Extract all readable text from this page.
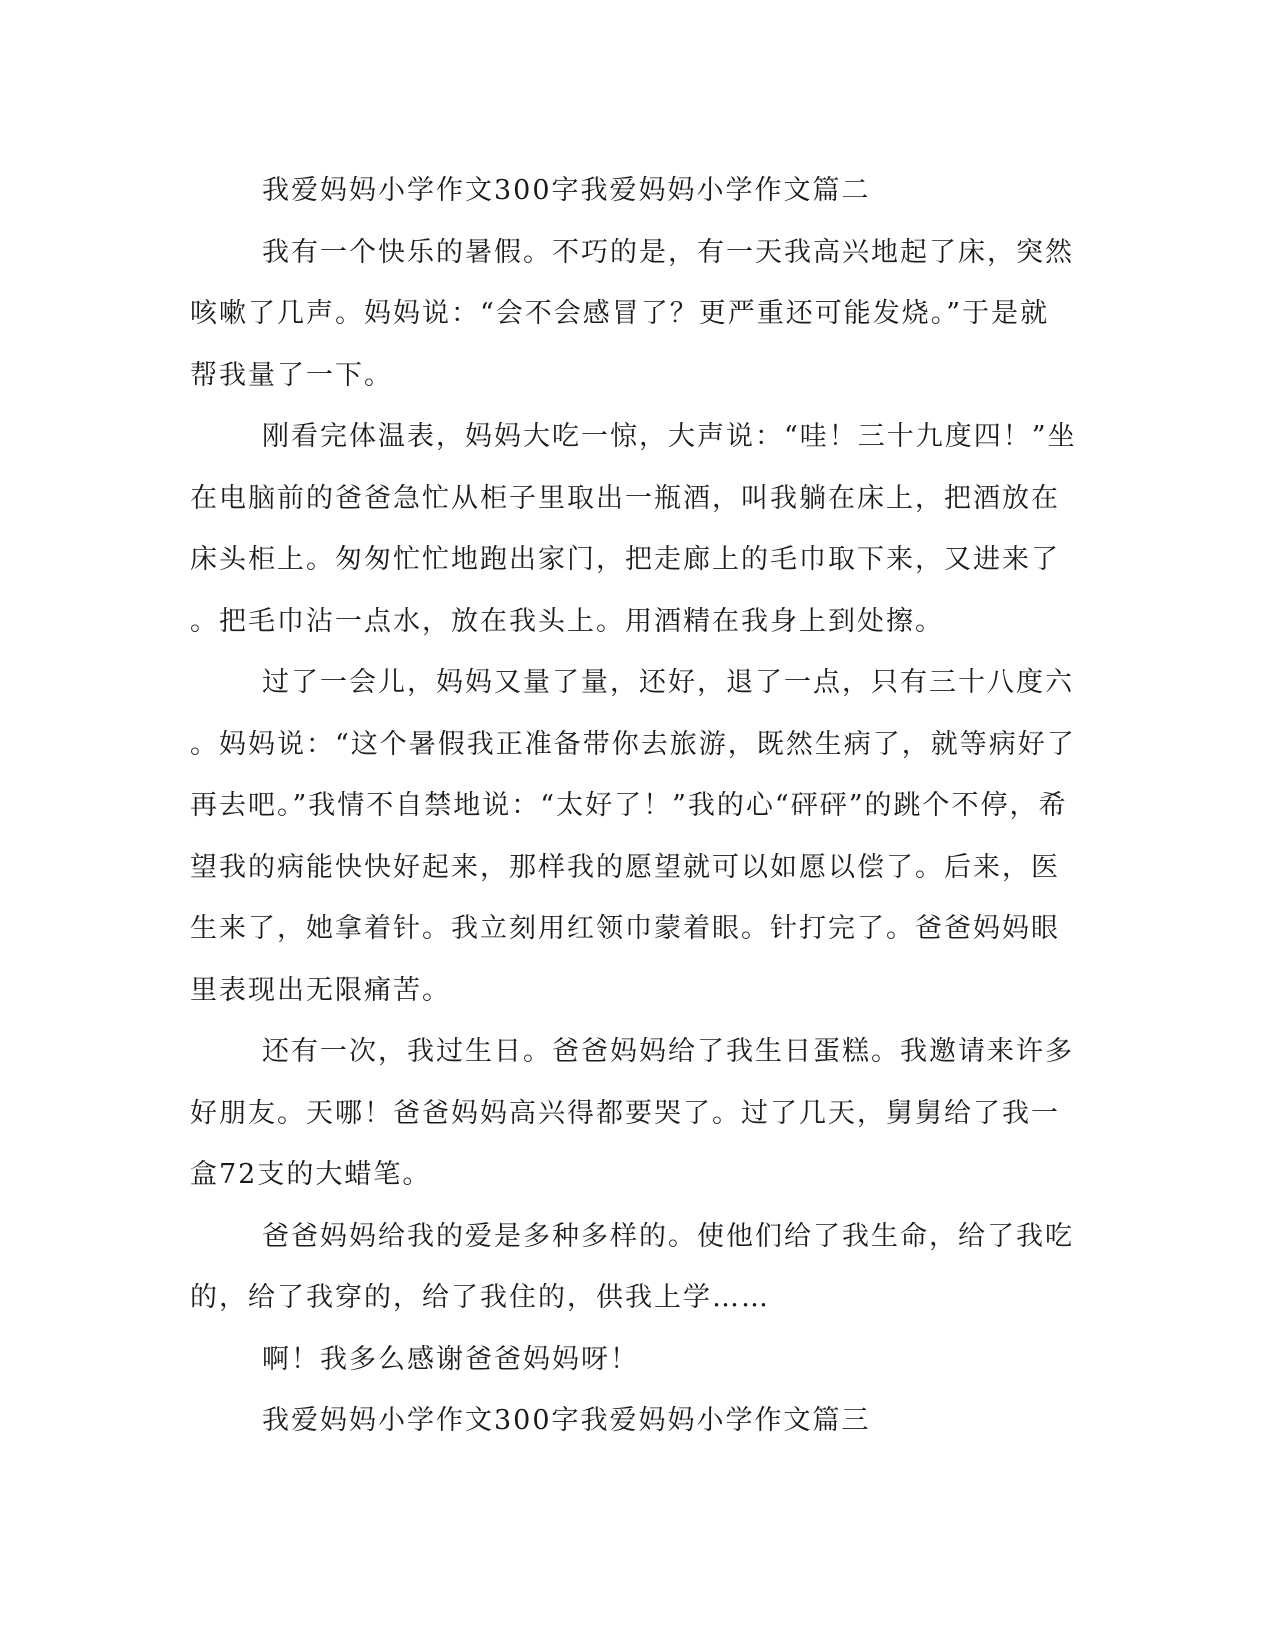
我爱妈妈小学作文300字我爱妈妈小学作文篇二
我有一个快乐的暑假。不巧的是，有一天我高兴地起了床，突然
咳嗽了几声。妈妈说：“会不会感冒了？更严重还可能发烧。”于是就
帮我量了一下。
刚看完体温表，妈妈大吃一惊，大声说：“哇！三十九度四！”坐
在电脑前的爸爸急忙从柜子里取出一瓶酒，叫我躺在床上，把酒放在
床头柜上。匆匆忙忙地跑出家门，把走廊上的毛巾取下来，又进来了
。把毛巾沾一点水，放在我头上。用酒精在我身上到处擦。
过了一会儿，妈妈又量了量，还好，退了一点，只有三十八度六
。妈妈说：“这个暑假我正准备带你去旅游，既然生病了，就等病好了
再去吧。”我情不自禁地说：“太好了！”我的心“砰砰”的跳个不停，希
望我的病能快快好起来，那样我的愿望就可以如愿以偿了。后来，医
生来了，她拿着针。我立刻用红领巾蒙着眼。针打完了。爸爸妈妈眼
里表现出无限痛苦。
还有一次，我过生日。爸爸妈妈给了我生日蛋糕。我邀请来许多
好朋友。天哪！爸爸妈妈高兴得都要哭了。过了几天，舅舅给了我一
盒72支的大蜡笔。
爸爸妈妈给我的爱是多种多样的。使他们给了我生命，给了我吃
的，给了我穿的，给了我住的，供我上学……
啊！我多么感谢爸爸妈妈呀！
我爱妈妈小学作文300字我爱妈妈小学作文篇三
